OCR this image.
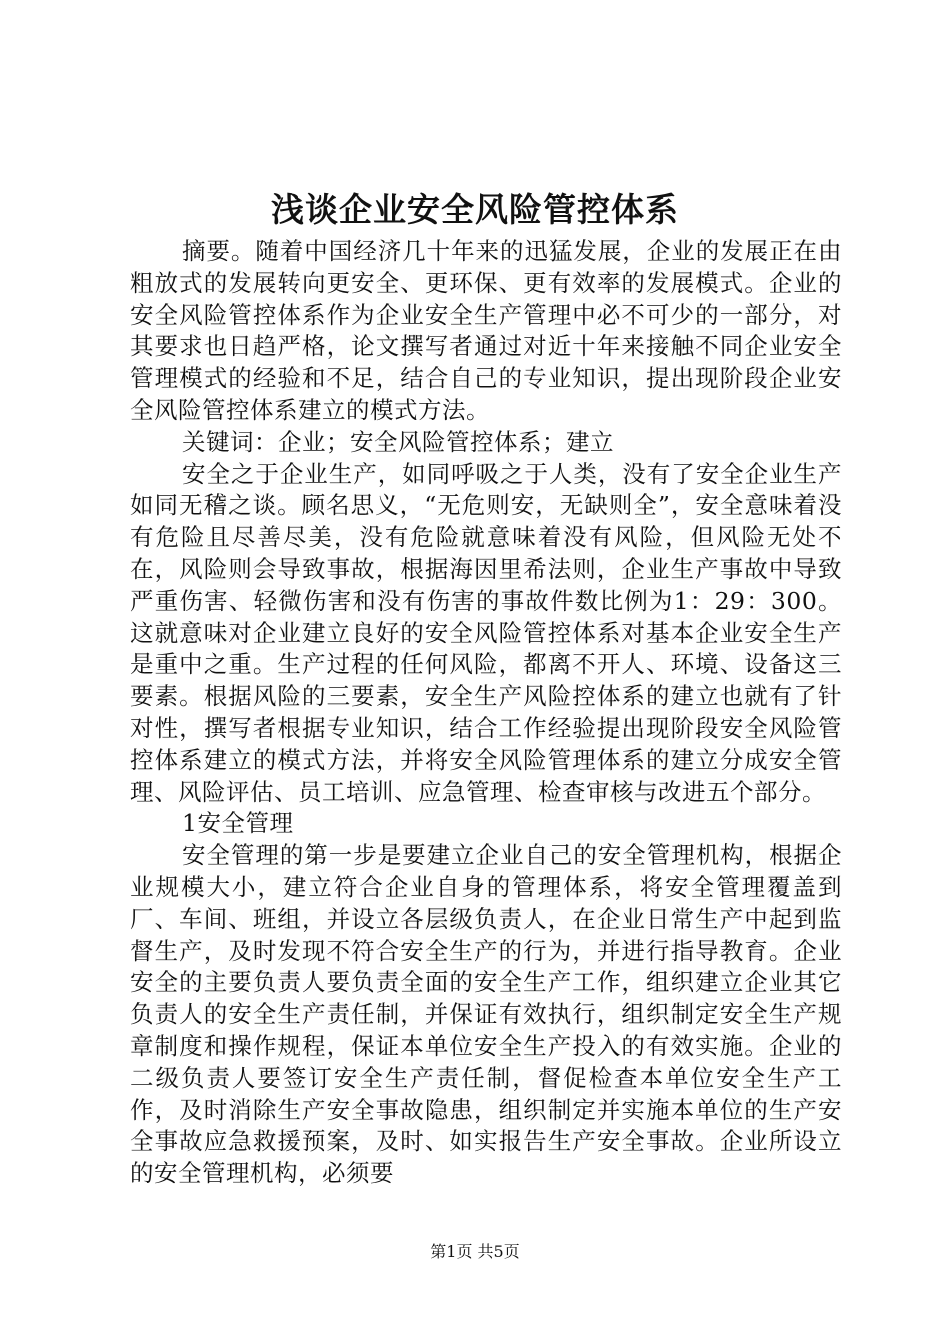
浅谈企业安全风险管控体系

摘要。随着中国经济几十年来的迅猛发展，企业的发展正在由粗放式的发展转向更安全、更环保、更有效率的发展模式。企业的安全风险管控体系作为企业安全生产管理中必不可少的一部分，对其要求也日趋严格，论文撰写者通过对近十年来接触不同企业安全管理模式的经验和不足，结合自己的专业知识，提出现阶段企业安全风险管控体系建立的模式方法。

关键词：企业；安全风险管控体系；建立

安全之于企业生产，如同呼吸之于人类，没有了安全企业生产如同无稽之谈。顾名思义，“无危则安，无缺则全”，安全意味着没有危险且尽善尽美，没有危险就意味着没有风险，但风险无处不在，风险则会导致事故，根据海因里希法则，企业生产事故中导致严重伤害、轻微伤害和没有伤害的事故件数比例为1：29：300。这就意味对企业建立良好的安全风险管控体系对基本企业安全生产是重中之重。生产过程的任何风险，都离不开人、环境、设备这三要素。根据风险的三要素，安全生产风险控体系的建立也就有了针对性，撰写者根据专业知识，结合工作经验提出现阶段安全风险管控体系建立的模式方法，并将安全风险管理体系的建立分成安全管理、风险评估、员工培训、应急管理、检查审核与改进五个部分。

1安全管理

安全管理的第一步是要建立企业自己的安全管理机构，根据企业规模大小，建立符合企业自身的管理体系，将安全管理覆盖到厂、车间、班组，并设立各层级负责人，在企业日常生产中起到监督生产，及时发现不符合安全生产的行为，并进行指导教育。企业安全的主要负责人要负责全面的安全生产工作，组织建立企业其它负责人的安全生产责任制，并保证有效执行，组织制定安全生产规章制度和操作规程，保证本单位安全生产投入的有效实施。企业的二级负责人要签订安全生产责任制，督促检查本单位安全生产工作，及时消除生产安全事故隐患，组织制定并实施本单位的生产安全事故应急救援预案，及时、如实报告生产安全事故。企业所设立的安全管理机构，必须要

第1页 共5页
